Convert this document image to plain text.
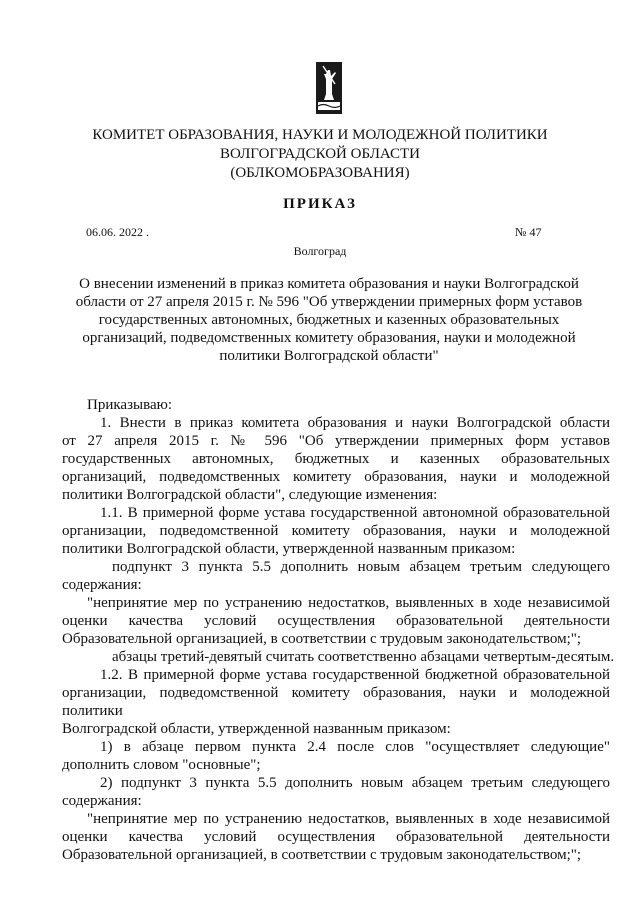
КОМИТЕТ ОБРАЗОВАНИЯ, НАУКИ И МОЛОДЕЖНОЙ ПОЛИТИКИ
ВОЛГОГРАДСКОЙ ОБЛАСТИ
(ОБЛКОМОБРАЗОВАНИЯ)
ПРИКАЗ
06.06. 2022 .	№ 47
Волгоград
О внесении изменений в приказ комитета образования и науки Волгоградской
области от 27 апреля 2015 г. № 596 "Об утверждении примерных форм уставов
государственных автономных, бюджетных и казенных образовательных
организаций, подведомственных комитету образования, науки и молодежной
политики Волгоградской области"
Приказываю:
1. Внести в приказ комитета образования и науки Волгоградской области
от 27 апреля 2015 г. № 596 "Об утверждении примерных форм уставов
государственных автономных, бюджетных и казенных образовательных
организаций, подведомственных комитету образования, науки и молодежной
политики Волгоградской области", следующие изменения:
1.1. В примерной форме устава государственной автономной образовательной
организации, подведомственной комитету образования, науки и молодежной
политики Волгоградской области, утвержденной названным приказом:
подпункт 3 пункта 5.5 дополнить новым абзацем третьим следующего
содержания:
"непринятие мер по устранению недостатков, выявленных в ходе независимой
оценки качества условий осуществления образовательной деятельности
Образовательной организацией, в соответствии с трудовым законодательством;";
абзацы третий-девятый считать соответственно абзацами четвертым-десятым.
1.2. В примерной форме устава государственной бюджетной образовательной
организации, подведомственной комитету образования, науки и молодежной политики
Волгоградской области, утвержденной названным приказом:
1) в абзаце первом пункта 2.4 после слов "осуществляет следующие"
дополнить словом "основные";
2) подпункт 3 пункта 5.5 дополнить новым абзацем третьим следующего
содержания:
"непринятие мер по устранению недостатков, выявленных в ходе независимой
оценки качества условий осуществления образовательной деятельности
Образовательной организацией, в соответствии с трудовым законодательством;";
